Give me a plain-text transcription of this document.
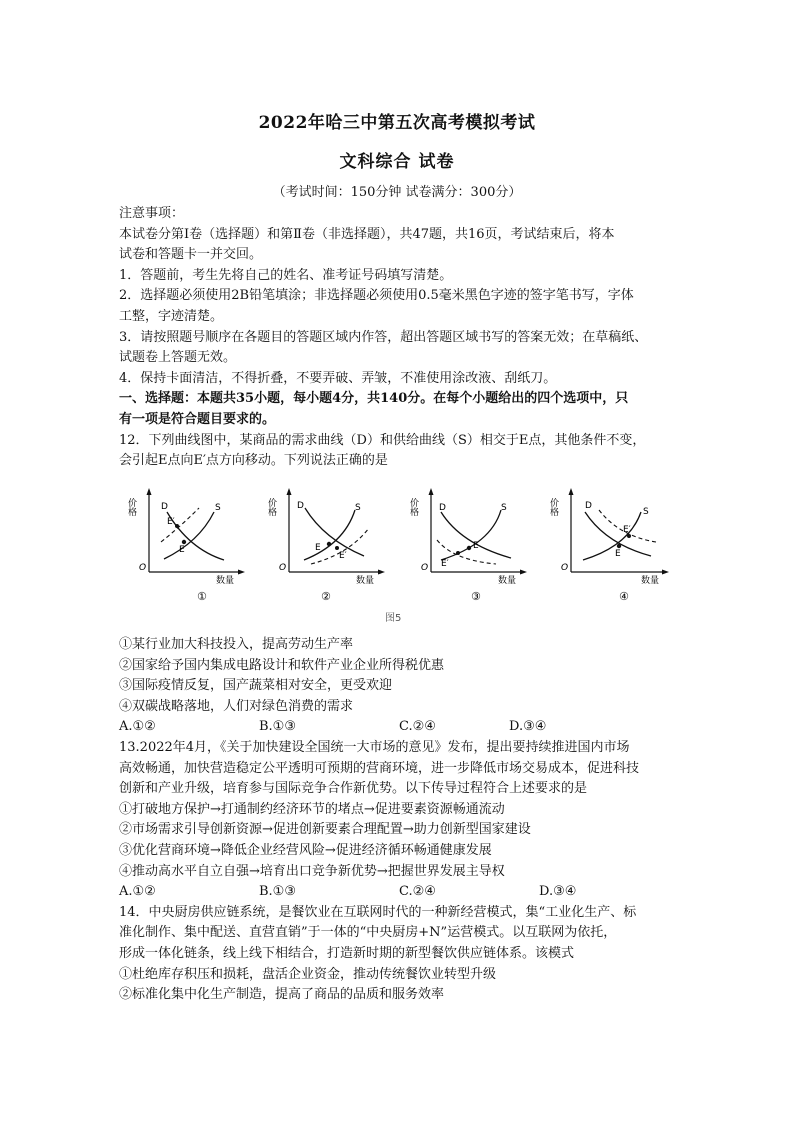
2022年哈三中第五次高考模拟考试
文科综合 试卷
（考试时间：150分钟 试卷满分：300分）

注意事项：

本试卷分第Ⅰ卷（选择题）和第Ⅱ卷（非选择题），共47题，共16页，考试结束后，将本

试卷和答题卡一并交回。

1．答题前，考生先将自己的姓名、准考证号码填写清楚。

2．选择题必须使用2B铅笔填涂；非选择题必须使用0.5毫米黑色字迹的签字笔书写，字体

工整，字迹清楚。

3．请按照题号顺序在各题目的答题区域内作答，超出答题区域书写的答案无效；在草稿纸、

试题卷上答题无效。

4．保持卡面清洁，不得折叠，不要弄破、弄皱，不准使用涂改液、刮纸刀。

一、选择题：本题共35小题，每小题4分，共140分。在每个小题给出的四个选项中，只

有一项是符合题目要求的。

12．下列曲线图中，某商品的需求曲线（D）和供给曲线（S）相交于E点，其他条件不变，

会引起E点向E′点方向移动。下列说法正确的是

价格
O
数量
D	S
E
E′
①
价格
O
数量
D	S
E
E′
②
价格
O
数量
D	S
E
E′
③
价格
O
数量
D
S
E
E′
④
图5

①某行业加大科技投入，提高劳动生产率

②国家给予国内集成电路设计和软件产业企业所得税优惠

③国际疫情反复，国产蔬菜相对安全，更受欢迎

④双碳战略落地，人们对绿色消费的需求

A.①②	B.①③	C.②④	D.③④

13.2022年4月，《关于加快建设全国统一大市场的意见》发布，提出要持续推进国内市场

高效畅通，加快营造稳定公平透明可预期的营商环境，进一步降低市场交易成本，促进科技

创新和产业升级，培育参与国际竞争合作新优势。以下传导过程符合上述要求的是

①打破地方保护→打通制约经济环节的堵点→促进要素资源畅通流动

②市场需求引导创新资源→促进创新要素合理配置→助力创新型国家建设

③优化营商环境→降低企业经营风险→促进经济循环畅通健康发展

④推动高水平自立自强→培育出口竞争新优势→把握世界发展主导权

A.①②	B.①③	C.②④	D.③④

14．中央厨房供应链系统，是餐饮业在互联网时代的一种新经营模式，集“工业化生产、标

准化制作、集中配送、直营直销”于一体的“中央厨房+N”运营模式。以互联网为依托，

形成一体化链条，线上线下相结合，打造新时期的新型餐饮供应链体系。该模式

①杜绝库存积压和损耗，盘活企业资金，推动传统餐饮业转型升级

②标准化集中化生产制造，提高了商品的品质和服务效率
